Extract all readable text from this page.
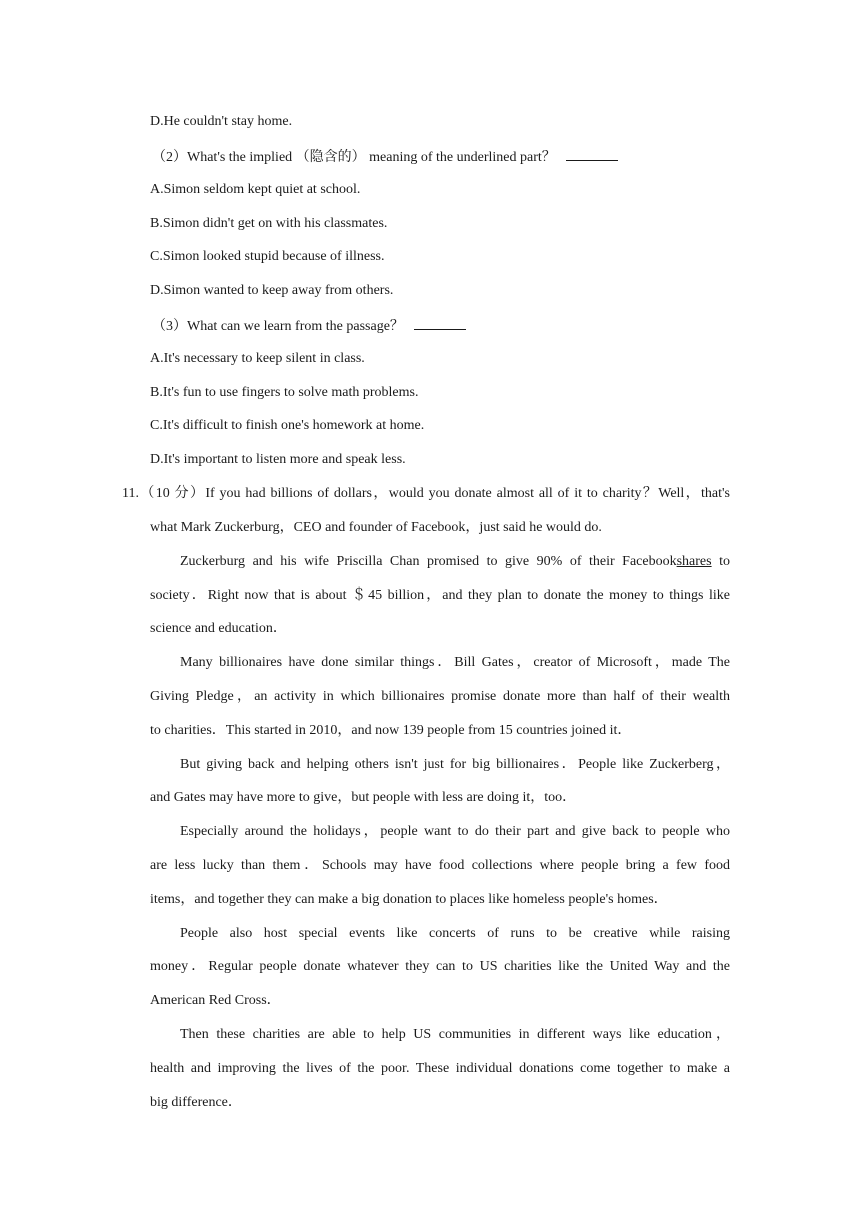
D.He couldn't stay home.
（2）What's the implied （隐含的） meaning of the underlined part？
A.Simon seldom kept quiet at school.
B.Simon didn't get on with his classmates.
C.Simon looked stupid because of illness.
D.Simon wanted to keep away from others.
（3）What can we learn from the passage？
A.It's necessary to keep silent in class.
B.It's fun to use fingers to solve math problems.
C.It's difficult to finish one's homework at home.
D.It's important to listen more and speak less.
11.（10 分）If you had billions of dollars，would you donate almost all of it to charity？Well，that's
what Mark Zuckerburg，CEO and founder of Facebook，just said he would do.
Zuckerburg and his wife Priscilla Chan promised to give 90% of their Facebookshares to
society．Right now that is about ＄45 billion，and they plan to donate the money to things like
science and education．
Many billionaires have done similar things．Bill Gates，creator of Microsoft，made The
Giving Pledge，an activity in which billionaires promise donate more than half of their wealth
to charities．This started in 2010，and now 139 people from 15 countries joined it．
But giving back and helping others isn't just for big billionaires．People like Zuckerberg，
and Gates may have more to give，but people with less are doing it，too．
Especially around the holidays，people want to do their part and give back to people who
are less lucky than them．Schools may have food collections where people bring a few food
items，and together they can make a big donation to places like homeless people's homes．
People also host special events like concerts of runs to be creative while raising
money．Regular people donate whatever they can to US charities like the United Way and the
American Red Cross．
Then these charities are able to help US communities in different ways like education，
health and improving the lives of the poor. These individual donations come together to make a
big difference．
